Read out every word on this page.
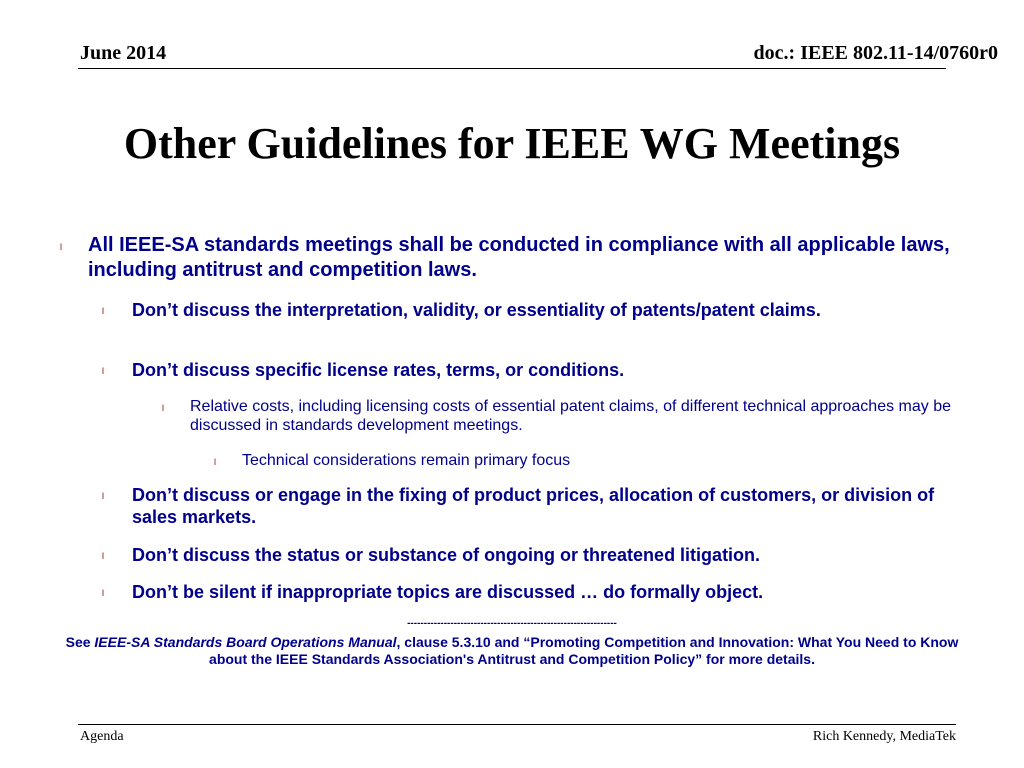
June 2014	doc.: IEEE 802.11-14/0760r0
Other Guidelines for IEEE WG Meetings
l All IEEE-SA standards meetings shall be conducted in compliance with all applicable laws, including antitrust and competition laws.
l Don’t discuss the interpretation, validity, or essentiality of patents/patent claims.
l Don’t discuss specific license rates, terms, or conditions.
l Relative costs, including licensing costs of essential patent claims, of different technical approaches may be discussed in standards development meetings.
l Technical considerations remain primary focus
l Don’t discuss or engage in the fixing of product prices, allocation of customers, or division of sales markets.
l Don’t discuss the status or substance of ongoing or threatened litigation.
l Don’t be silent if inappropriate topics are discussed … do formally object.
---------------------------------------------------------------
See IEEE-SA Standards Board Operations Manual, clause 5.3.10 and “Promoting Competition and Innovation: What You Need to Know about the IEEE Standards Association's Antitrust and Competition Policy” for more details.
Agenda	Rich Kennedy, MediaTek
